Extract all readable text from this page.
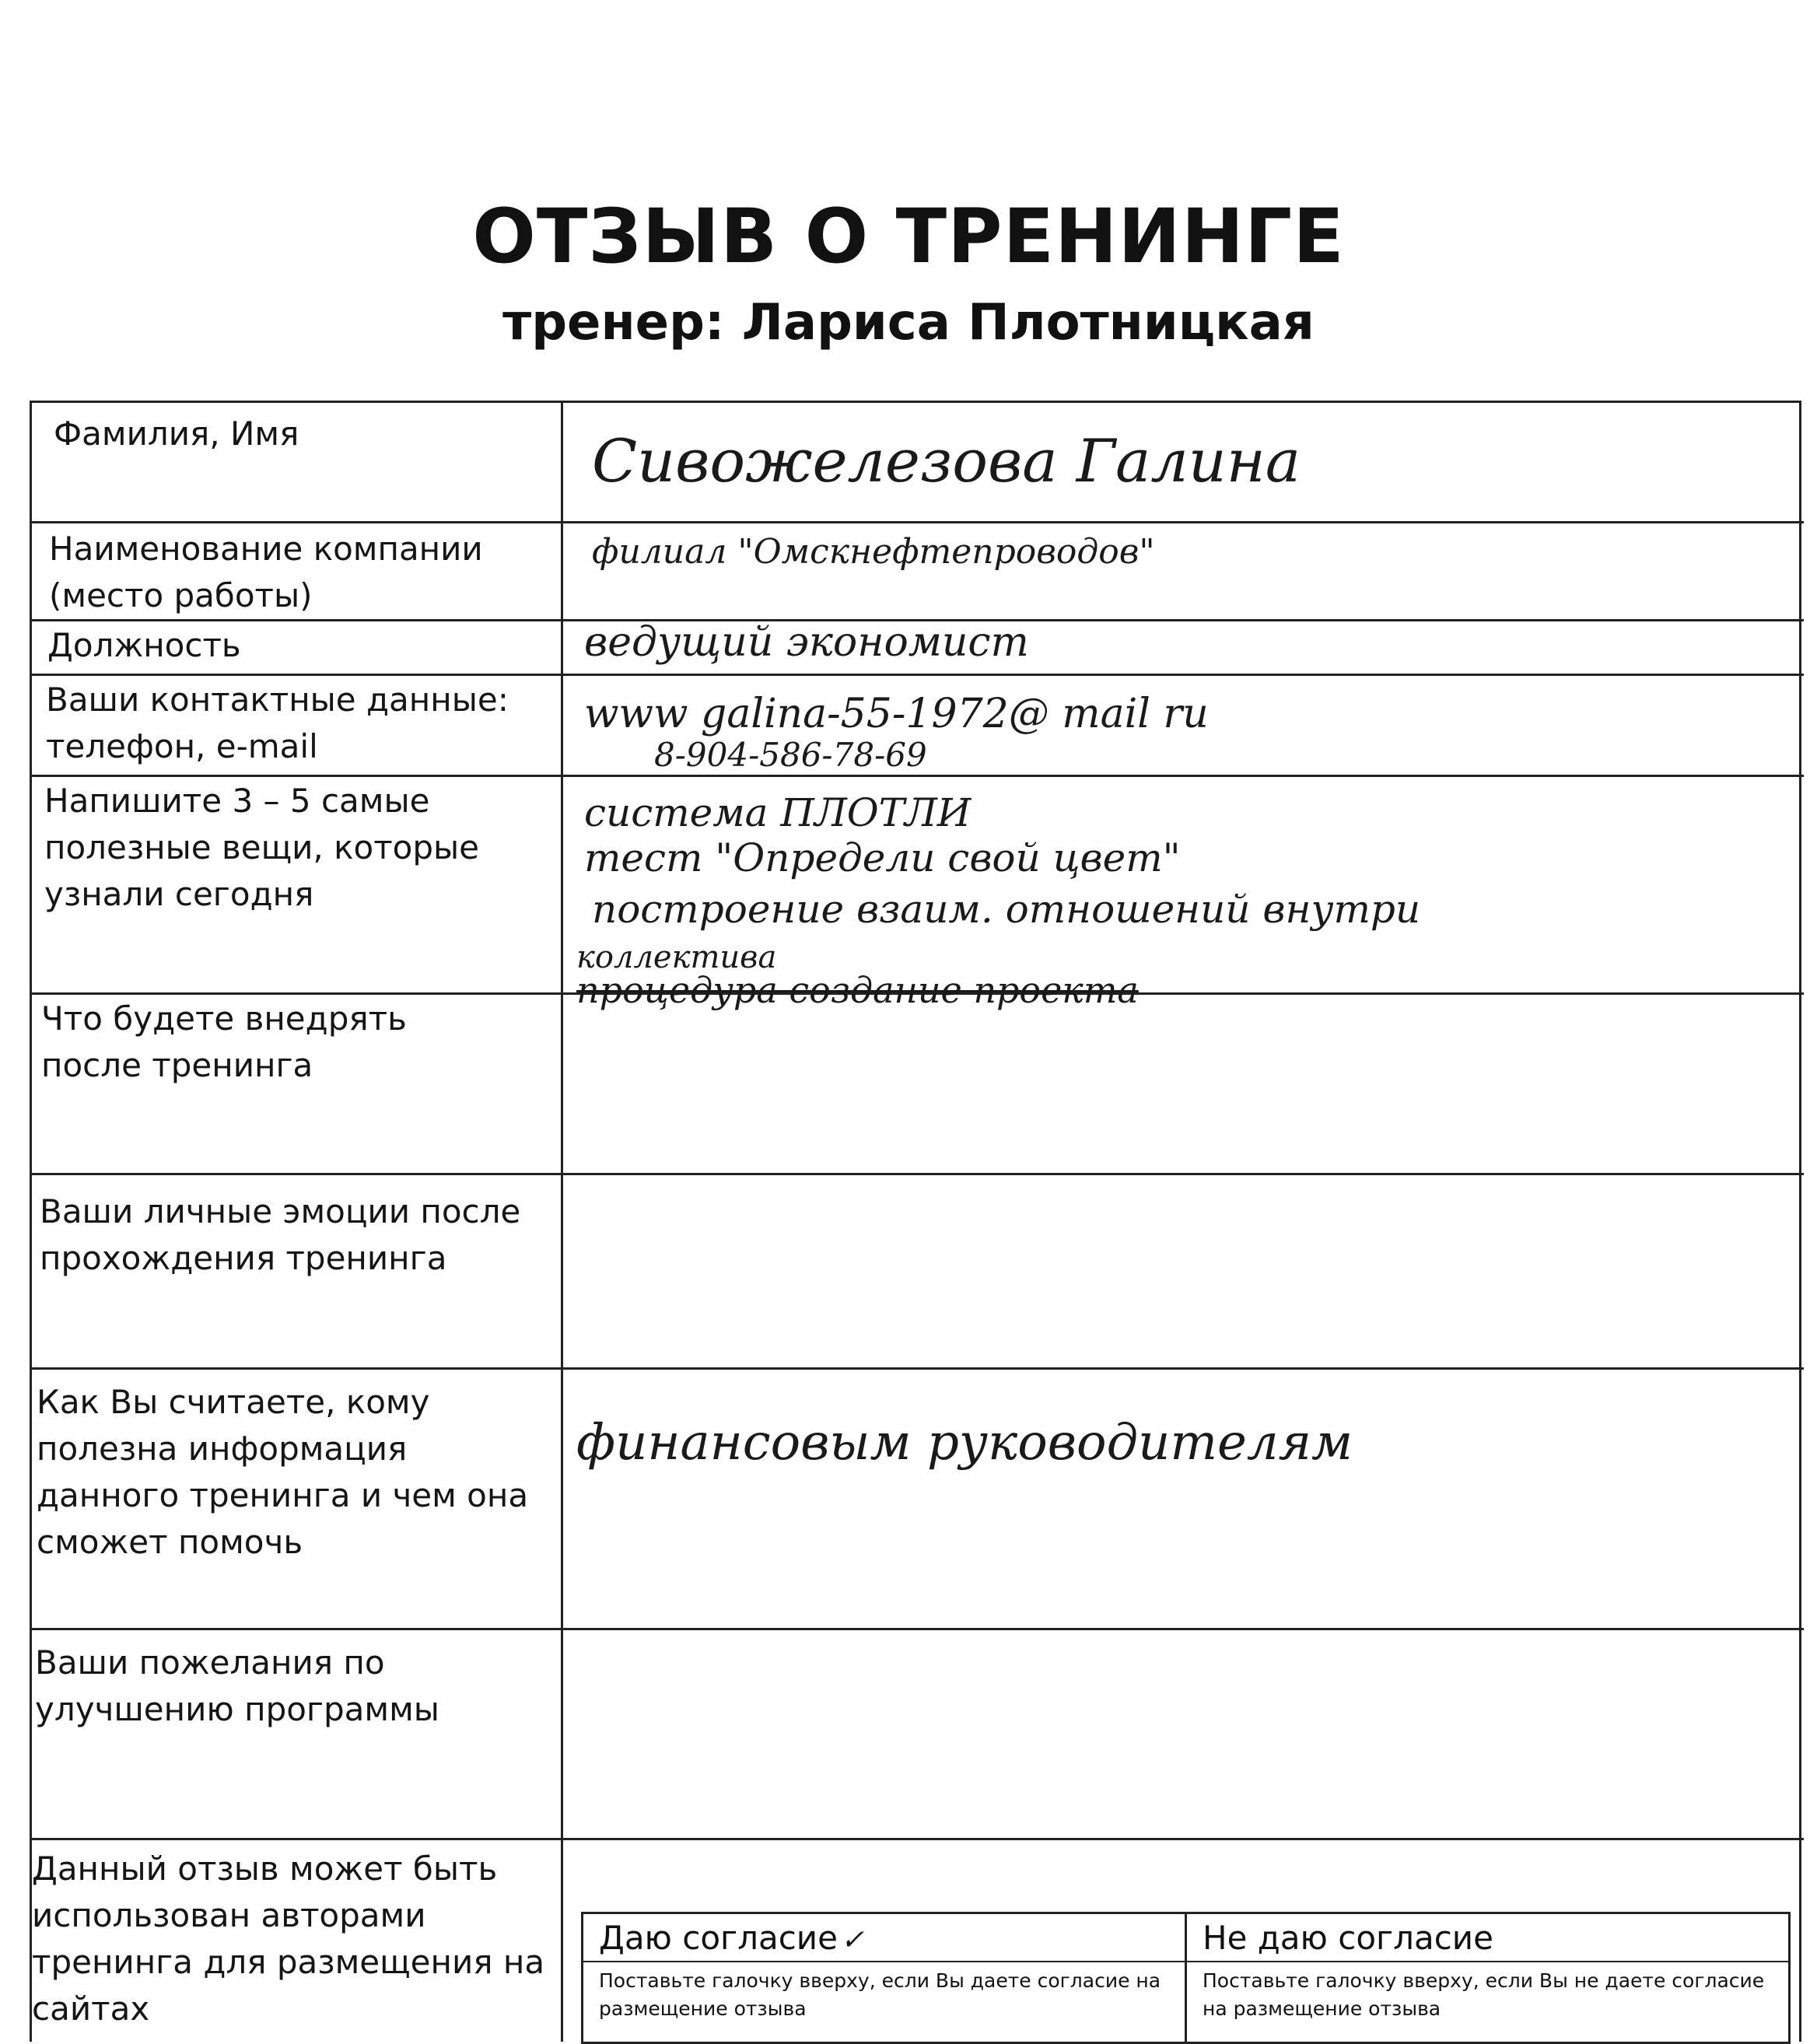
ОТЗЫВ О ТРЕНИНГЕ
тренер: Лариса Плотницкая
Фамилия, Имя
Наименование компании (место работы)
Должность
Ваши контактные данные: телефон, e-mail
Напишите 3 – 5 самые полезные вещи, которые узнали сегодня
Что будете внедрять после тренинга
Ваши личные эмоции после прохождения тренинга
Как Вы считаете, кому полезна информация данного тренинга и чем она сможет помочь
Ваши пожелания по улучшению программы
Данный отзыв может быть использован авторами тренинга для размещения на сайтах
Сивожелезова Галина
филиал "Омскнефтепроводов"
ведущий экономист
www galina-55-1972@ mail ru
8-904-586-78-69
система ПЛОТЛИ
тест "Определи свой цвет"
построение взаим. отношений внутри
коллектива
процедура создание проекта
финансовым руководителям
Даю согласие ✓
Поставьте галочку вверху, если Вы даете согласие на размещение отзыва
Не даю согласие
Поставьте галочку вверху, если Вы не даете согласие на размещение отзыва
